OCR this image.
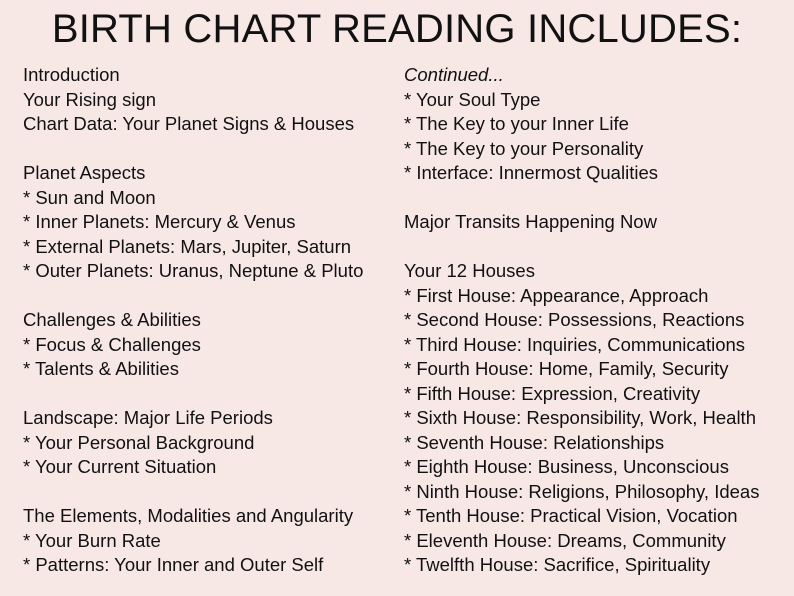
BIRTH CHART READING INCLUDES:
Introduction
Your Rising sign
Chart Data: Your Planet Signs & Houses
Planet Aspects
* Sun and Moon
* Inner Planets: Mercury & Venus
* External Planets: Mars, Jupiter, Saturn
* Outer Planets: Uranus, Neptune & Pluto
Challenges & Abilities
* Focus & Challenges
* Talents & Abilities
Landscape: Major Life Periods
* Your Personal Background
* Your Current Situation
The Elements, Modalities and Angularity
* Your Burn Rate
* Patterns: Your Inner and Outer Self
Continued...
* Your Soul Type
* The Key to your Inner Life
* The Key to your Personality
* Interface: Innermost Qualities
Major Transits Happening Now
Your 12 Houses
* First House: Appearance, Approach
* Second House: Possessions, Reactions
* Third House: Inquiries, Communications
* Fourth House: Home, Family, Security
* Fifth House: Expression, Creativity
* Sixth House: Responsibility, Work, Health
* Seventh House: Relationships
* Eighth House: Business, Unconscious
* Ninth House: Religions, Philosophy, Ideas
* Tenth House: Practical Vision, Vocation
* Eleventh House: Dreams, Community
* Twelfth House: Sacrifice, Spirituality
